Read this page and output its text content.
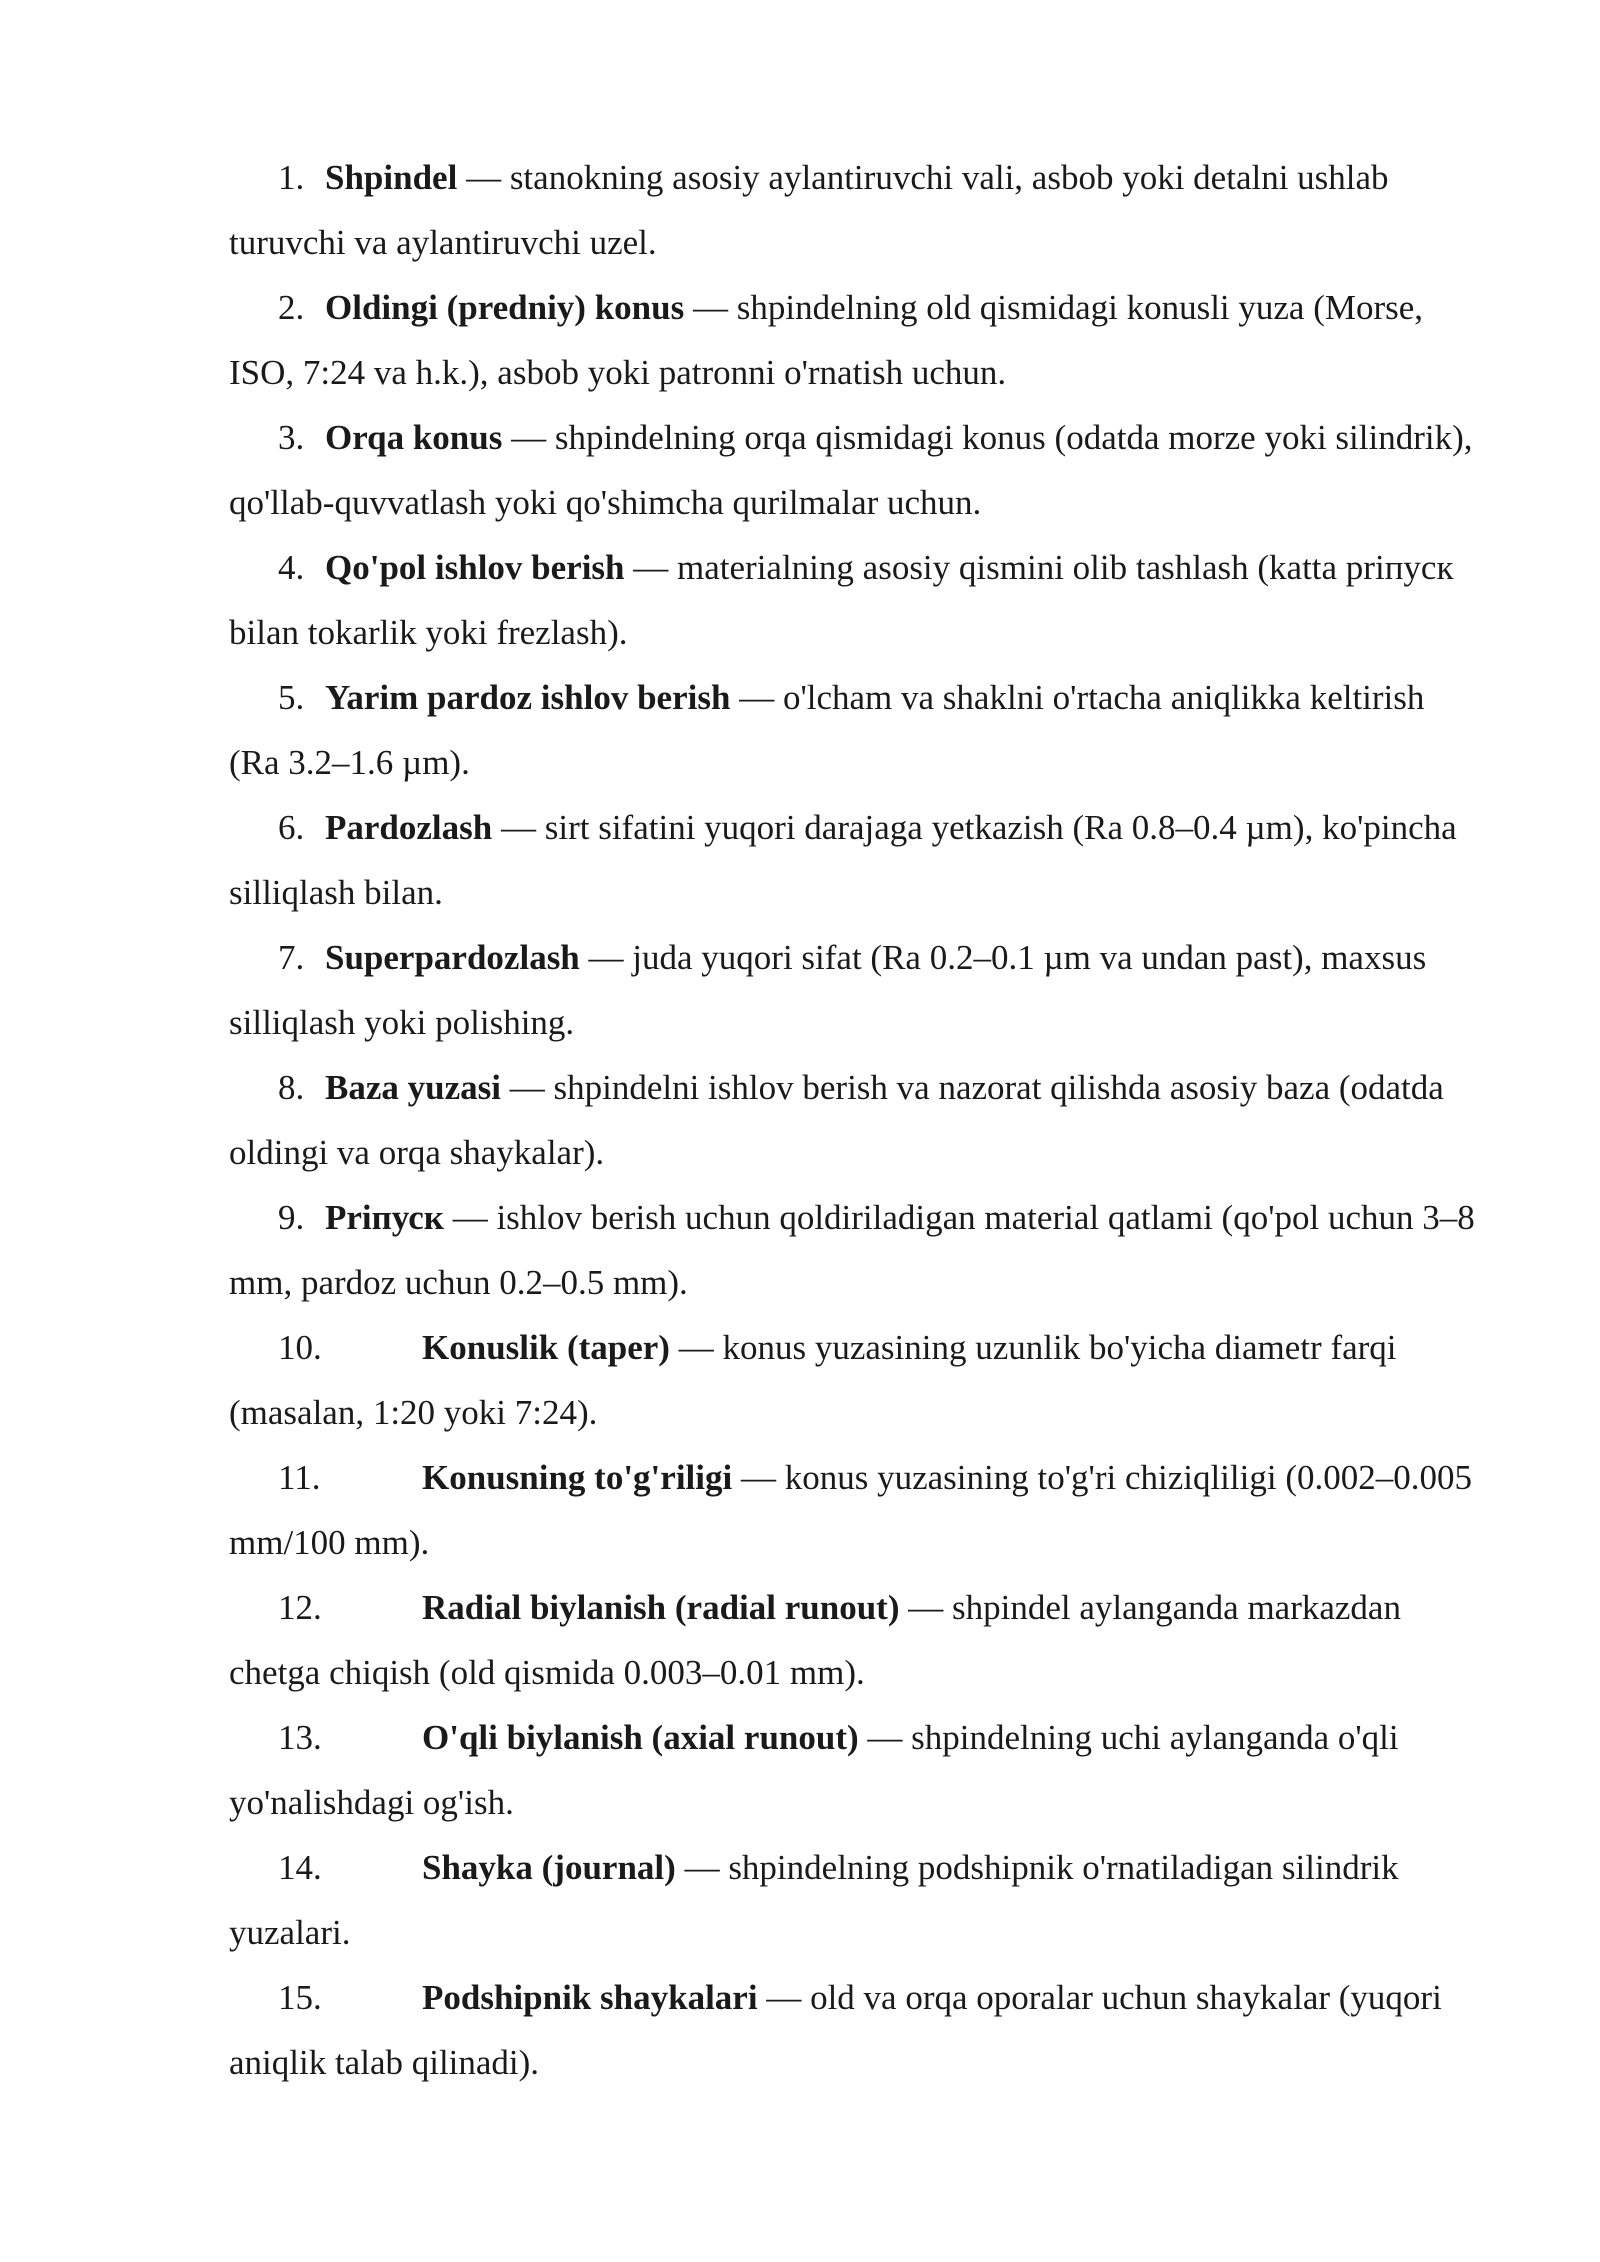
1. Shpindel — stanokning asosiy aylantiruvchi vali, asbob yoki detalni ushlab turuvchi va aylantiruvchi uzel.

2. Oldingi (predniy) konus — shpindelning old qismidagi konusli yuza (Morse, ISO, 7:24 va h.k.), asbob yoki patronni o'rnatish uchun.

3. Orqa konus — shpindelning orqa qismidagi konus (odatda morze yoki silindrik), qo'llab-quvvatlash yoki qo'shimcha qurilmalar uchun.

4. Qo'pol ishlov berish — materialning asosiy qismini olib tashlash (katta priпуск bilan tokarlik yoki frezlash).

5. Yarim pardoz ishlov berish — o'lcham va shaklni o'rtacha aniqlikka keltirish (Ra 3.2–1.6 µm).

6. Pardozlash — sirt sifatini yuqori darajaga yetkazish (Ra 0.8–0.4 µm), ko'pincha silliqlash bilan.

7. Superpardozlash — juda yuqori sifat (Ra 0.2–0.1 µm va undan past), maxsus silliqlash yoki polishing.

8. Baza yuzasi — shpindelni ishlov berish va nazorat qilishda asosiy baza (odatda oldingi va orqa shaykalar).

9. Priпуск — ishlov berish uchun qoldiriladigan material qatlami (qo'pol uchun 3–8 mm, pardoz uchun 0.2–0.5 mm).

10.	Konuslik (taper) — konus yuzasining uzunlik bo'yicha diametr farqi (masalan, 1:20 yoki 7:24).

11.	Konusning to'g'riligi — konus yuzasining to'g'ri chiziqliligi (0.002–0.005 mm/100 mm).

12.	Radial biylanish (radial runout) — shpindel aylanganda markazdan chetga chiqish (old qismida 0.003–0.01 mm).

13.	O'qli biylanish (axial runout) — shpindelning uchi aylanganda o'qli yo'nalishdagi og'ish.

14.	Shayka (journal) — shpindelning podshipnik o'rnatiladigan silindrik yuzalari.

15.	Podshipnik shaykalari — old va orqa oporalar uchun shaykalar (yuqori aniqlik talab qilinadi).
